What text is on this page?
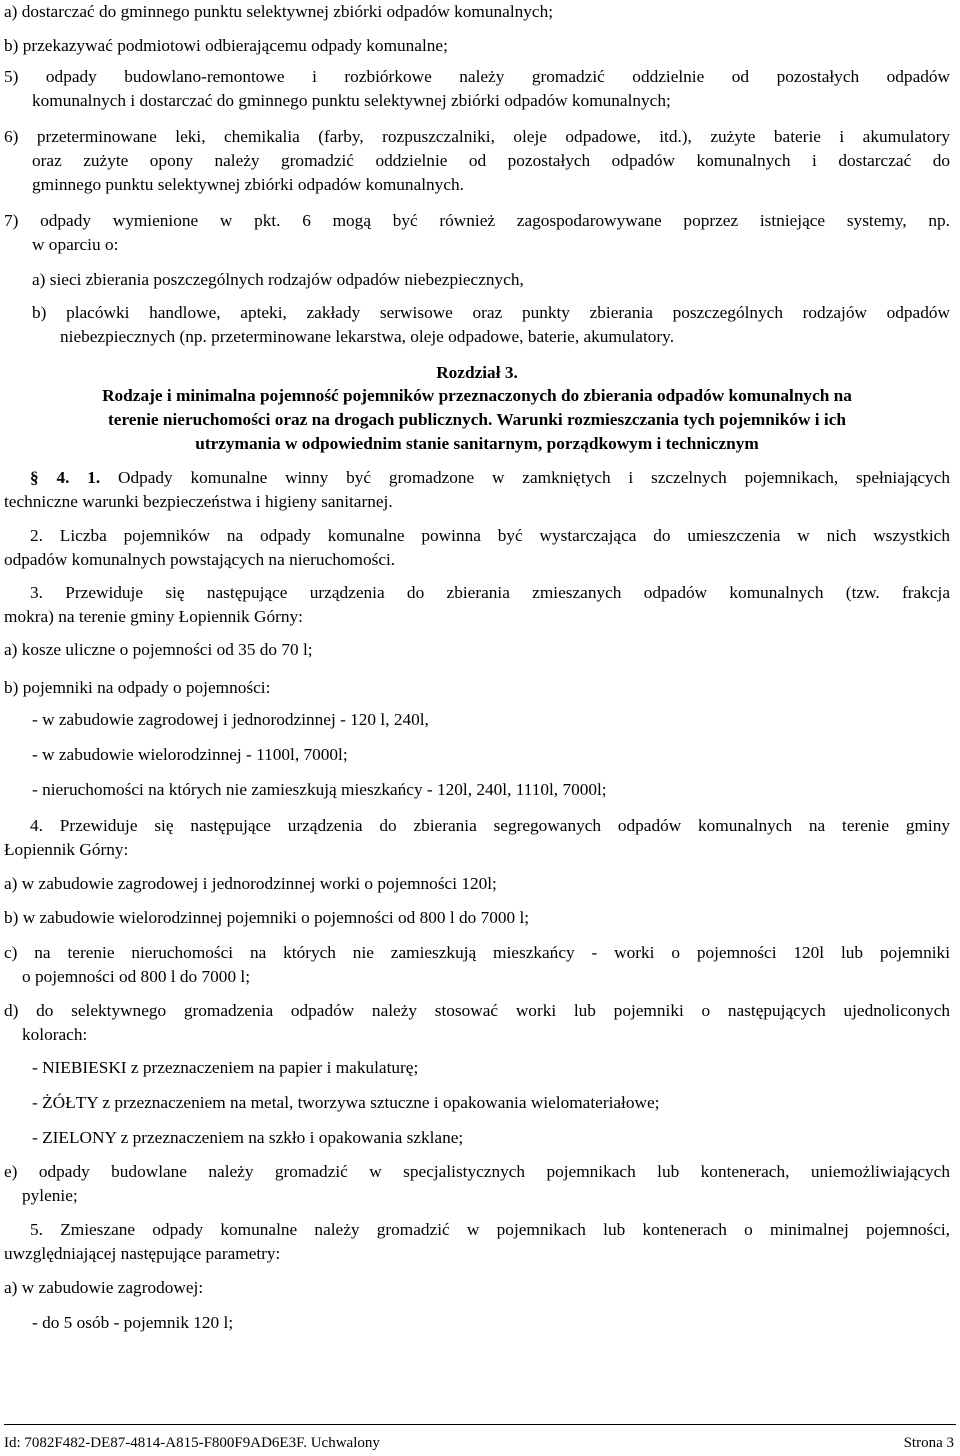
a) dostarczać do gminnego punktu selektywnej zbiórki odpadów komunalnych;

b) przekazywać podmiotowi odbierającemu odpady komunalne;

5) odpady budowlano-remontowe i rozbiórkowe należy gromadzić oddzielnie od pozostałych odpadów
komunalnych i dostarczać do gminnego punktu selektywnej zbiórki odpadów komunalnych;
6) przeterminowane leki, chemikalia (farby, rozpuszczalniki, oleje odpadowe, itd.), zużyte baterie i akumulatory
oraz zużyte opony należy gromadzić oddzielnie od pozostałych odpadów komunalnych i dostarczać do
gminnego punktu selektywnej zbiórki odpadów komunalnych.
7) odpady wymienione w pkt. 6 mogą być również zagospodarowywane poprzez istniejące systemy, np.
w oparciu o:

a) sieci zbierania poszczególnych rodzajów odpadów niebezpiecznych,

b) placówki handlowe, apteki, zakłady serwisowe oraz punkty zbierania poszczególnych rodzajów odpadów
niebezpiecznych (np. przeterminowane lekarstwa, oleje odpadowe, baterie, akumulatory.

Rozdział 3.

Rodzaje i minimalna pojemność pojemników przeznaczonych do zbierania odpadów komunalnych na
terenie nieruchomości oraz na drogach publicznych. Warunki rozmieszczania tych pojemników i ich
utrzymania w odpowiednim stanie sanitarnym, porządkowym i technicznym
§ 4. 1. Odpady komunalne winny być gromadzone w zamkniętych i szczelnych pojemnikach, spełniających
techniczne warunki bezpieczeństwa i higieny sanitarnej.
2. Liczba pojemników na odpady komunalne powinna być wystarczająca do umieszczenia w nich wszystkich
odpadów komunalnych powstających na nieruchomości.
3. Przewiduje się następujące urządzenia do zbierania zmieszanych odpadów komunalnych (tzw. frakcja
mokra) na terenie gminy Łopiennik Górny:

a) kosze uliczne o pojemności od 35 do 70 l;

b) pojemniki na odpady o pojemności:

- w zabudowie zagrodowej i jednorodzinnej - 120 l, 240l,

- w zabudowie wielorodzinnej - 1100l, 7000l;

- nieruchomości na których nie zamieszkują mieszkańcy - 120l, 240l, 1110l, 7000l;

4. Przewiduje się następujące urządzenia do zbierania segregowanych odpadów komunalnych na terenie gminy
Łopiennik Górny:

a) w zabudowie zagrodowej i jednorodzinnej worki o pojemności 120l;

b) w zabudowie wielorodzinnej pojemniki o pojemności od 800 l do 7000 l;

c) na terenie nieruchomości na których nie zamieszkują mieszkańcy - worki o pojemności 120l lub pojemniki
o pojemności od 800 l do 7000 l;
d) do selektywnego gromadzenia odpadów należy stosować worki lub pojemniki o następujących ujednoliconych
kolorach:

- NIEBIESKI z przeznaczeniem na papier i makulaturę;

- ŻÓŁTY z przeznaczeniem na metal, tworzywa sztuczne i opakowania wielomateriałowe;

- ZIELONY z przeznaczeniem na szkło i opakowania szklane;

e) odpady budowlane należy gromadzić w specjalistycznych pojemnikach lub kontenerach, uniemożliwiających
pylenie;
5. Zmieszane odpady komunalne należy gromadzić w pojemnikach lub kontenerach o minimalnej pojemności,
uwzględniającej następujące parametry:

a) w zabudowie zagrodowej:

- do 5 osób - pojemnik 120 l;

Id: 7082F482-DE87-4814-A815-F800F9AD6E3F. Uchwalony	Strona 3
